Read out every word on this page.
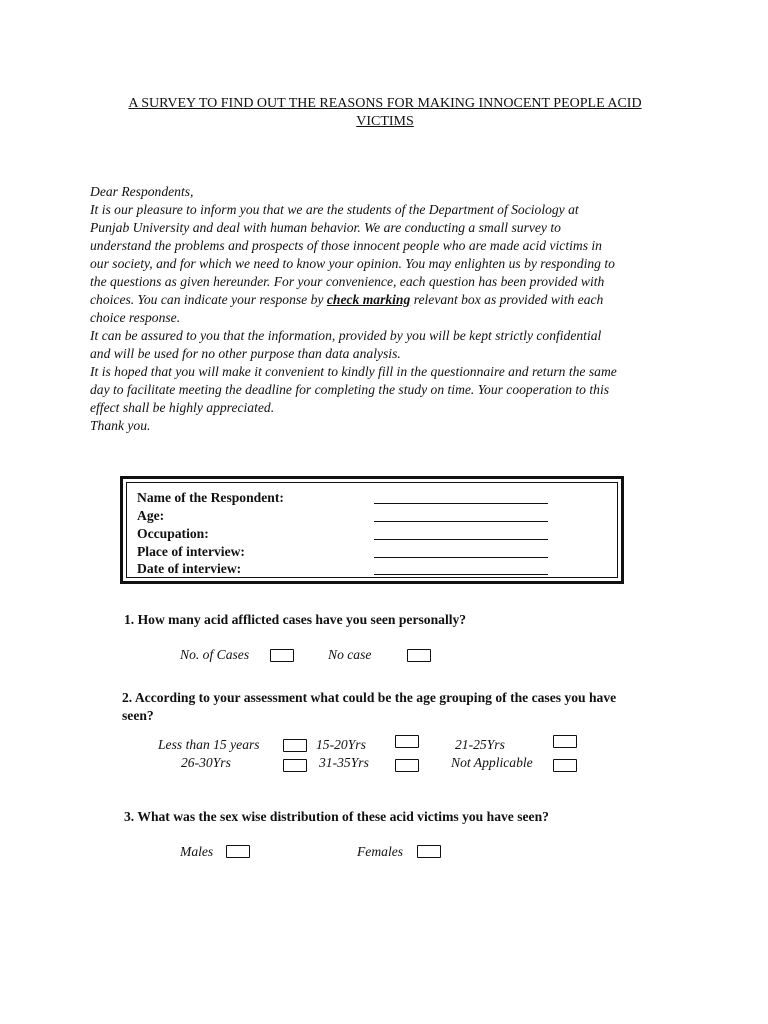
A SURVEY TO FIND OUT THE REASONS FOR MAKING INNOCENT PEOPLE ACID
VICTIMS
Dear Respondents,
It is our pleasure to inform you that we are the students of the Department of Sociology at
Punjab University and deal with human behavior. We are conducting a small survey to
understand the problems and prospects of those innocent people who are made acid victims in
our society, and for which we need to know your opinion. You may enlighten us by responding to
the questions as given hereunder. For your convenience, each question has been provided with
choices. You can indicate your response by check marking relevant box as provided with each
choice response.
It can be assured to you that the information, provided by you will be kept strictly confidential
and will be used for no other purpose than data analysis.
It is hoped that you will make it convenient to kindly fill in the questionnaire and return the same
day to facilitate meeting the deadline for completing the study on time. Your cooperation to this
effect shall be highly appreciated.
Thank you.
Name of the Respondent:
Age:
Occupation:
Place of interview:
Date of interview:
1. How many acid afflicted cases have you seen personally?
No. of Cases	No case
2. According to your assessment what could be the age grouping of the cases you have
seen?
Less than 15 years	15-20Yrs	21-25Yrs
26-30Yrs	31-35Yrs	Not Applicable
3. What was the sex wise distribution of these acid victims you have seen?
Males	Females
